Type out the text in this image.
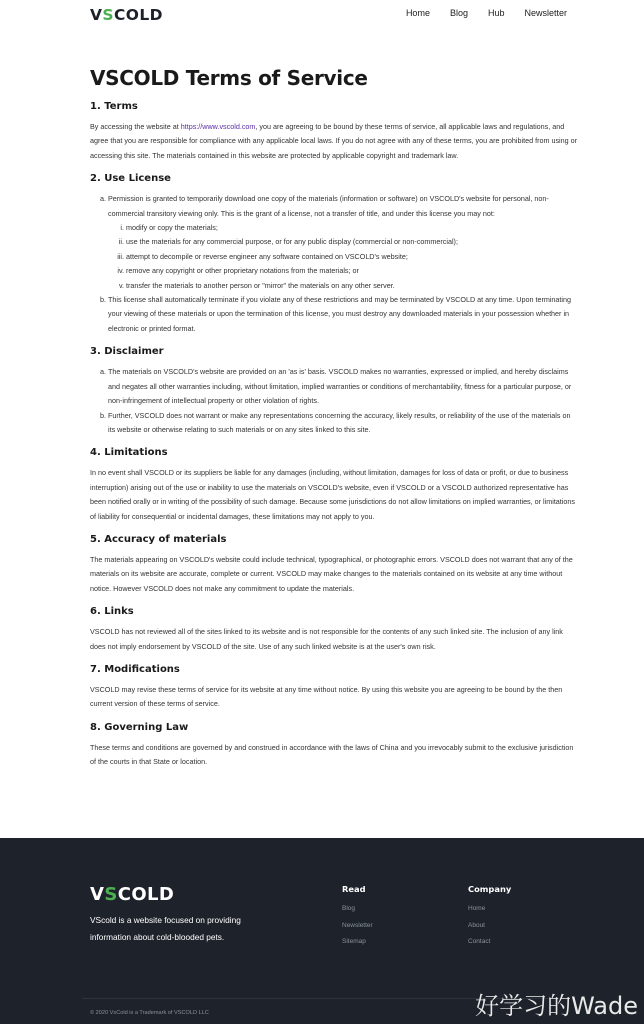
VSCOLD	Home Blog Hub Newsletter
VSCOLD Terms of Service
1. Terms

By accessing the website at https://www.vscold.com, you are agreeing to be bound by these terms of service, all applicable laws and regulations, and agree that you are responsible for compliance with any applicable local laws. If you do not agree with any of these terms, you are prohibited from using or accessing this site. The materials contained in this website are protected by applicable copyright and trademark law.

2. Use License
a. Permission is granted to temporarily download one copy of the materials (information or software) on VSCOLD's website for personal, non-commercial transitory viewing only. This is the grant of a license, not a transfer of title, and under this license you may not:
i. modify or copy the materials;
ii. use the materials for any commercial purpose, or for any public display (commercial or non-commercial);
iii. attempt to decompile or reverse engineer any software contained on VSCOLD's website;
iv. remove any copyright or other proprietary notations from the materials; or
v. transfer the materials to another person or "mirror" the materials on any other server.
b. This license shall automatically terminate if you violate any of these restrictions and may be terminated by VSCOLD at any time. Upon terminating your viewing of these materials or upon the termination of this license, you must destroy any downloaded materials in your possession whether in electronic or printed format.
3. Disclaimer
a. The materials on VSCOLD's website are provided on an 'as is' basis. VSCOLD makes no warranties, expressed or implied, and hereby disclaims and negates all other warranties including, without limitation, implied warranties or conditions of merchantability, fitness for a particular purpose, or non-infringement of intellectual property or other violation of rights.
b. Further, VSCOLD does not warrant or make any representations concerning the accuracy, likely results, or reliability of the use of the materials on its website or otherwise relating to such materials or on any sites linked to this site.
4. Limitations

In no event shall VSCOLD or its suppliers be liable for any damages (including, without limitation, damages for loss of data or profit, or due to business interruption) arising out of the use or inability to use the materials on VSCOLD's website, even if VSCOLD or a VSCOLD authorized representative has been notified orally or in writing of the possibility of such damage. Because some jurisdictions do not allow limitations on implied warranties, or limitations of liability for consequential or incidental damages, these limitations may not apply to you.

5. Accuracy of materials

The materials appearing on VSCOLD's website could include technical, typographical, or photographic errors. VSCOLD does not warrant that any of the materials on its website are accurate, complete or current. VSCOLD may make changes to the materials contained on its website at any time without notice. However VSCOLD does not make any commitment to update the materials.

6. Links

VSCOLD has not reviewed all of the sites linked to its website and is not responsible for the contents of any such linked site. The inclusion of any link does not imply endorsement by VSCOLD of the site. Use of any such linked website is at the user's own risk.

7. Modifications

VSCOLD may revise these terms of service for its website at any time without notice. By using this website you are agreeing to be bound by the then current version of these terms of service.

8. Governing Law

These terms and conditions are governed by and construed in accordance with the laws of China and you irrevocably submit to the exclusive jurisdiction of the courts in that State or location.

VSCOLD
VScold is a website focused on providing information about cold-blooded pets.
Read
Blog
Newsletter
Sitemap
Company
Home
About
Contact
© 2020 VsCold is a Trademark of VSCOLD LLC	好学习的Wade
